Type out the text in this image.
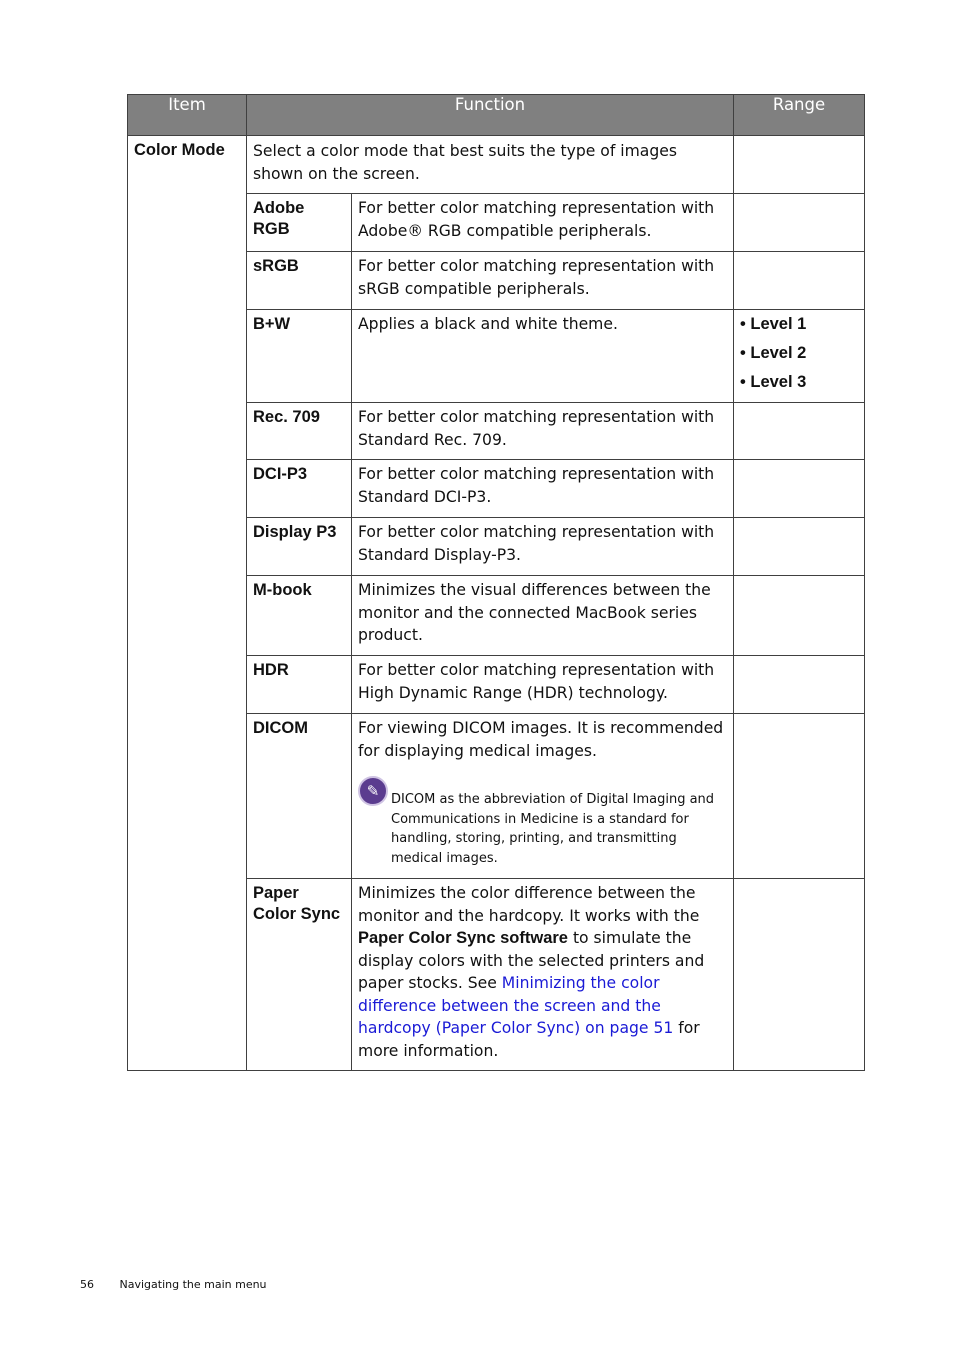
Item	Function		Range
Color Mode	Select a color mode that best suits the type of images shown on the screen.		
	Adobe RGB	For better color matching representation with Adobe® RGB compatible peripherals.	
	sRGB	For better color matching representation with sRGB compatible peripherals.	
	B+W	Applies a black and white theme.	• Level 1
• Level 2
• Level 3

	Rec. 709	For better color matching representation with Standard Rec. 709.	
	DCI-P3	For better color matching representation with Standard DCI-P3.	
	Display P3	For better color matching representation with Standard Display-P3.	
	M-book	Minimizes the visual differences between the monitor and the connected MacBook series product.	
	HDR	For better color matching representation with High Dynamic Range (HDR) technology.	
	DICOM	For viewing DICOM images. It is recommended for displaying medical images.
✎ DICOM as the abbreviation of Digital Imaging and Communications in Medicine is a standard for handling, storing, printing, and transmitting medical images.	

	Paper Color Sync	Minimizes the color difference between the monitor and the hardcopy. It works with the Paper Color Sync software to simulate the display colors with the selected printers and paper stocks. See Minimizing the color difference between the screen and the hardcopy (Paper Color Sync) on page 51 for more information.	
56 Navigating the main menu
